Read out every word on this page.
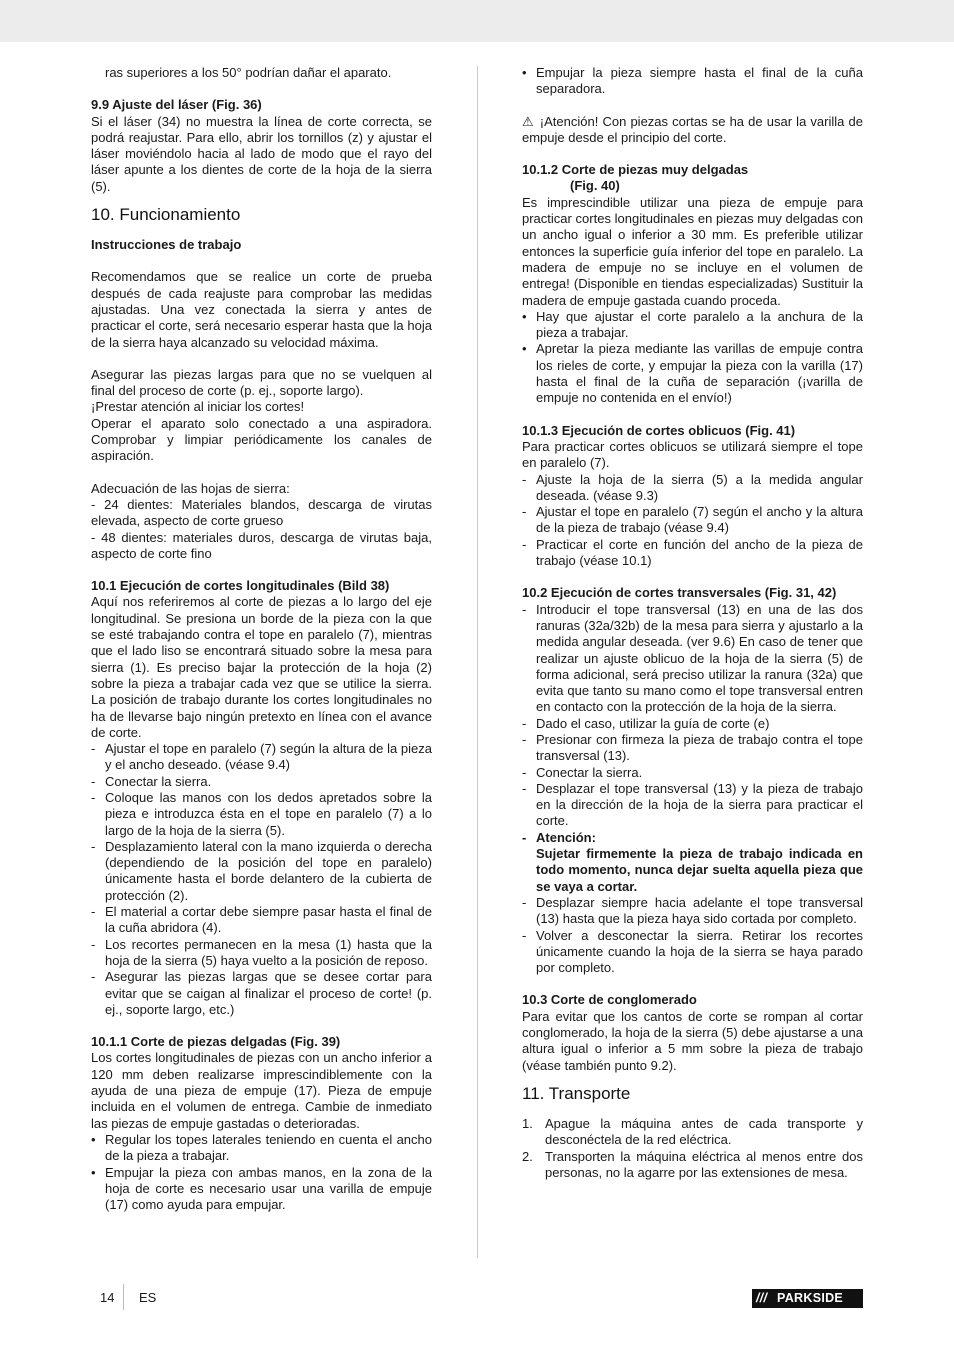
ras superiores a los 50° podrían dañar el aparato.

9.9 Ajuste del láser (Fig. 36)

Si el láser (34) no muestra la línea de corte correcta, se podrá reajustar. Para ello, abrir los tornillos (z) y ajustar el láser moviéndolo hacia al lado de modo que el rayo del láser apunte a los dientes de corte de la hoja de la sierra (5).

10. Funcionamiento
Instrucciones de trabajo

Recomendamos que se realice un corte de prueba después de cada reajuste para comprobar las medidas ajustadas. Una vez conectada la sierra y antes de practicar el corte, será necesario esperar hasta que la hoja de la sierra haya alcanzado su velocidad máxima.

Asegurar las piezas largas para que no se vuelquen al final del proceso de corte (p. ej., soporte largo).

¡Prestar atención al iniciar los cortes!

Operar el aparato solo conectado a una aspiradora. Comprobar y limpiar periódicamente los canales de aspiración.

Adecuación de las hojas de sierra:

- 24 dientes: Materiales blandos, descarga de virutas elevada, aspecto de corte grueso

- 48 dientes: materiales duros, descarga de virutas baja, aspecto de corte fino

10.1 Ejecución de cortes longitudinales (Bild 38)

Aquí nos referiremos al corte de piezas a lo largo del eje longitudinal. Se presiona un borde de la pieza con la que se esté trabajando contra el tope en paralelo (7), mientras que el lado liso se encontrará situado sobre la mesa para sierra (1). Es preciso bajar la protección de la hoja (2) sobre la pieza a trabajar cada vez que se utilice la sierra. La posición de trabajo durante los cortes longitudinales no ha de llevarse bajo ningún pretexto en línea con el avance de corte.

- Ajustar el tope en paralelo (7) según la altura de la pieza y el ancho deseado. (véase 9.4)
- Conectar la sierra.
- Coloque las manos con los dedos apretados sobre la pieza e introduzca ésta en el tope en paralelo (7) a lo largo de la hoja de la sierra (5).
- Desplazamiento lateral con la mano izquierda o derecha (dependiendo de la posición del tope en paralelo) únicamente hasta el borde delantero de la cubierta de protección (2).
- El material a cortar debe siempre pasar hasta el final de la cuña abridora (4).
- Los recortes permanecen en la mesa (1) hasta que la hoja de la sierra (5) haya vuelto a la posición de reposo.
- Asegurar las piezas largas que se desee cortar para evitar que se caigan al finalizar el proceso de corte! (p. ej., soporte largo, etc.)
10.1.1 Corte de piezas delgadas (Fig. 39)

Los cortes longitudinales de piezas con un ancho inferior a 120 mm deben realizarse imprescindiblemente con la ayuda de una pieza de empuje (17). Pieza de empuje incluida en el volumen de entrega. Cambie de inmediato las piezas de empuje gastadas o deterioradas.

• Regular los topes laterales teniendo en cuenta el ancho de la pieza a trabajar.
• Empujar la pieza con ambas manos, en la zona de la hoja de corte es necesario usar una varilla de empuje (17) como ayuda para empujar.
• Empujar la pieza siempre hasta el final de la cuña separadora.

⚠ ¡Atención! Con piezas cortas se ha de usar la varilla de empuje desde el principio del corte.

10.1.2 Corte de piezas muy delgadas
(Fig. 40)

Es imprescindible utilizar una pieza de empuje para practicar cortes longitudinales en piezas muy delgadas con un ancho igual o inferior a 30 mm. Es preferible utilizar entonces la superficie guía inferior del tope en paralelo. La madera de empuje no se incluye en el volumen de entrega! (Disponible en tiendas especializadas) Sustituir la madera de empuje gastada cuando proceda.

• Hay que ajustar el corte paralelo a la anchura de la pieza a trabajar.
• Apretar la pieza mediante las varillas de empuje contra los rieles de corte, y empujar la pieza con la varilla (17) hasta el final de la cuña de separación (¡varilla de empuje no contenida en el envío!)
10.1.3 Ejecución de cortes oblicuos (Fig. 41)

Para practicar cortes oblicuos se utilizará siempre el tope en paralelo (7).

- Ajuste la hoja de la sierra (5) a la medida angular deseada. (véase 9.3)
- Ajustar el tope en paralelo (7) según el ancho y la altura de la pieza de trabajo (véase 9.4)
- Practicar el corte en función del ancho de la pieza de trabajo (véase 10.1)
10.2 Ejecución de cortes transversales (Fig. 31, 42)
- Introducir el tope transversal (13) en una de las dos ranuras (32a/32b) de la mesa para sierra y ajustarlo a la medida angular deseada. (ver 9.6) En caso de tener que realizar un ajuste oblicuo de la hoja de la sierra (5) de forma adicional, será preciso utilizar la ranura (32a) que evita que tanto su mano como el tope transversal entren en contacto con la protección de la hoja de la sierra.
- Dado el caso, utilizar la guía de corte (e)
- Presionar con firmeza la pieza de trabajo contra el tope transversal (13).
- Conectar la sierra.
- Desplazar el tope transversal (13) y la pieza de trabajo en la dirección de la hoja de la sierra para practicar el corte.
- Atención:
Sujetar firmemente la pieza de trabajo indicada en todo momento, nunca dejar suelta aquella pieza que se vaya a cortar.
- Desplazar siempre hacia adelante el tope transversal (13) hasta que la pieza haya sido cortada por completo.
- Volver a desconectar la sierra. Retirar los recortes únicamente cuando la hoja de la sierra se haya parado por completo.
10.3 Corte de conglomerado

Para evitar que los cantos de corte se rompan al cortar conglomerado, la hoja de la sierra (5) debe ajustarse a una altura igual o inferior a 5 mm sobre la pieza de trabajo (véase también punto 9.2).

11. Transporte
1. Apague la máquina antes de cada transporte y desconéctela de la red eléctrica.
2. Transporten la máquina eléctrica al menos entre dos personas, no la agarre por las extensiones de mesa.
14 ES	/// PARKSIDE
